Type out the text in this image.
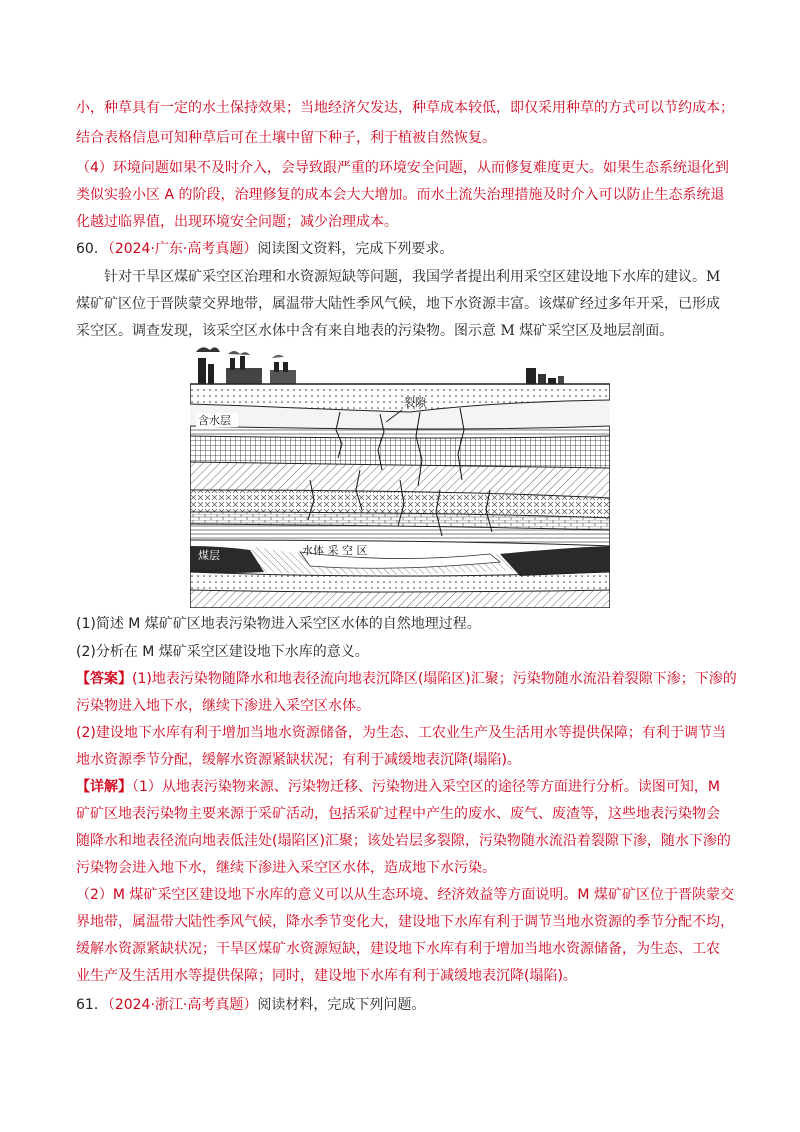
小，种草具有一定的水土保持效果；当地经济欠发达，种草成本较低，即仅采用种草的方式可以节约成本；
结合表格信息可知种草后可在土壤中留下种子，利于植被自然恢复。
（4）环境问题如果不及时介入，会导致跟严重的环境安全问题，从而修复难度更大。如果生态系统退化到
类似实验小区 A 的阶段，治理修复的成本会大大增加。而水土流失治理措施及时介入可以防止生态系统退
化越过临界值，出现环境安全问题；减少治理成本。
60．（2024·广东·高考真题）阅读图文资料，完成下列要求。
针对干旱区煤矿采空区治理和水资源短缺等问题，我国学者提出利用采空区建设地下水库的建议。M
煤矿矿区位于晋陕蒙交界地带，属温带大陆性季风气候，地下水资源丰富。该煤矿经过多年开采，已形成
采空区。调查发现，该采空区水体中含有来自地表的污染物。图示意 M 煤矿采空区及地层剖面。
含水层
裂隙
煤层	水体 采 空 区
(1)简述 M 煤矿矿区地表污染物进入采空区水体的自然地理过程。
(2)分析在 M 煤矿采空区建设地下水库的意义。
【答案】(1)地表污染物随降水和地表径流向地表沉降区(塌陷区)汇聚；污染物随水流沿着裂隙下渗；下渗的
污染物进入地下水，继续下渗进入采空区水体。
(2)建设地下水库有利于增加当地水资源储备，为生态、工农业生产及生活用水等提供保障；有利于调节当
地水资源季节分配，缓解水资源紧缺状况；有利于减缓地表沉降(塌陷)。
【详解】（1）从地表污染物来源、污染物迁移、污染物进入采空区的途径等方面进行分析。读图可知，M
矿矿区地表污染物主要来源于采矿活动，包括采矿过程中产生的废水、废气、废渣等，这些地表污染物会
随降水和地表径流向地表低洼处(塌陷区)汇聚；该处岩层多裂隙，污染物随水流沿着裂隙下渗，随水下渗的
污染物会进入地下水，继续下渗进入采空区水体，造成地下水污染。
（2）M 煤矿采空区建设地下水库的意义可以从生态环境、经济效益等方面说明。M 煤矿矿区位于晋陕蒙交
界地带，属温带大陆性季风气候，降水季节变化大，建设地下水库有利于调节当地水资源的季节分配不均，
缓解水资源紧缺状况；干旱区煤矿水资源短缺，建设地下水库有利于增加当地水资源储备，为生态、工农
业生产及生活用水等提供保障；同时，建设地下水库有利于减缓地表沉降(塌陷)。
61．（2024·浙江·高考真题）阅读材料，完成下列问题。
